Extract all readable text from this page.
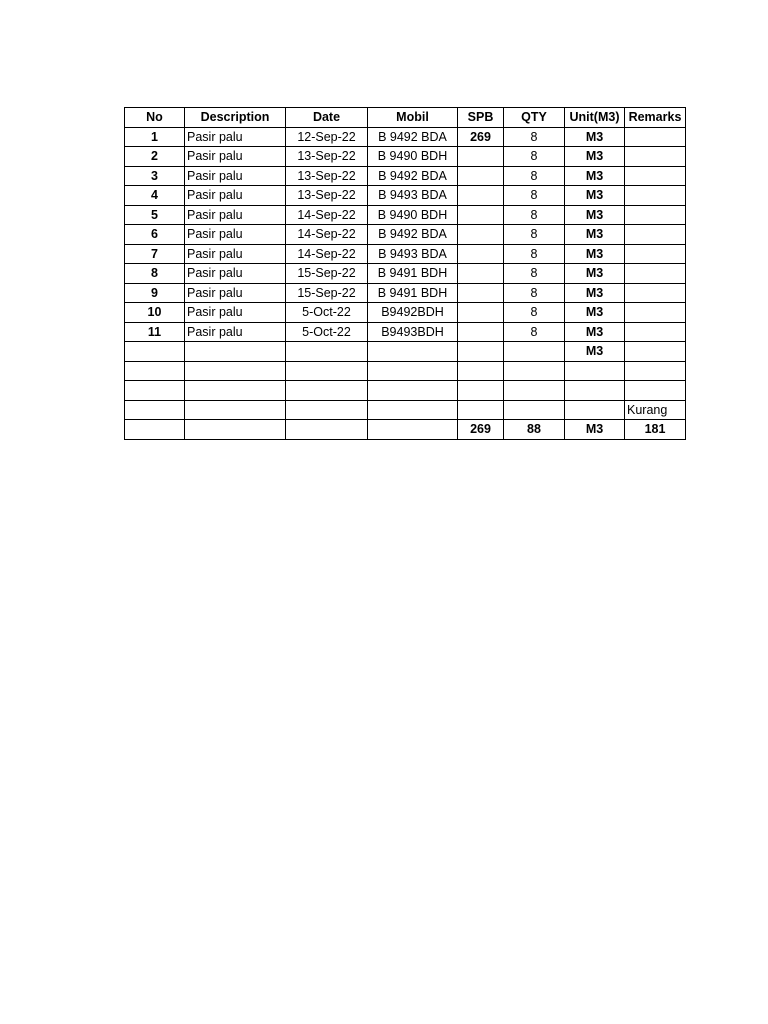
No	Description	Date	Mobil	SPB	QTY	Unit(M3)	Remarks
1	Pasir palu	12-Sep-22	B 9492 BDA	269	8	M3	
2	Pasir palu	13-Sep-22	B 9490 BDH		8	M3	
3	Pasir palu	13-Sep-22	B 9492 BDA		8	M3	
4	Pasir palu	13-Sep-22	B 9493 BDA		8	M3	
5	Pasir palu	14-Sep-22	B 9490 BDH		8	M3	
6	Pasir palu	14-Sep-22	B 9492 BDA		8	M3	
7	Pasir palu	14-Sep-22	B 9493 BDA		8	M3	
8	Pasir palu	15-Sep-22	B 9491 BDH		8	M3	
9	Pasir palu	15-Sep-22	B 9491 BDH		8	M3	
10	Pasir palu	5-Oct-22	B9492BDH		8	M3	
11	Pasir palu	5-Oct-22	B9493BDH		8	M3	
						M3	

							Kurang
				269	88	M3	181
